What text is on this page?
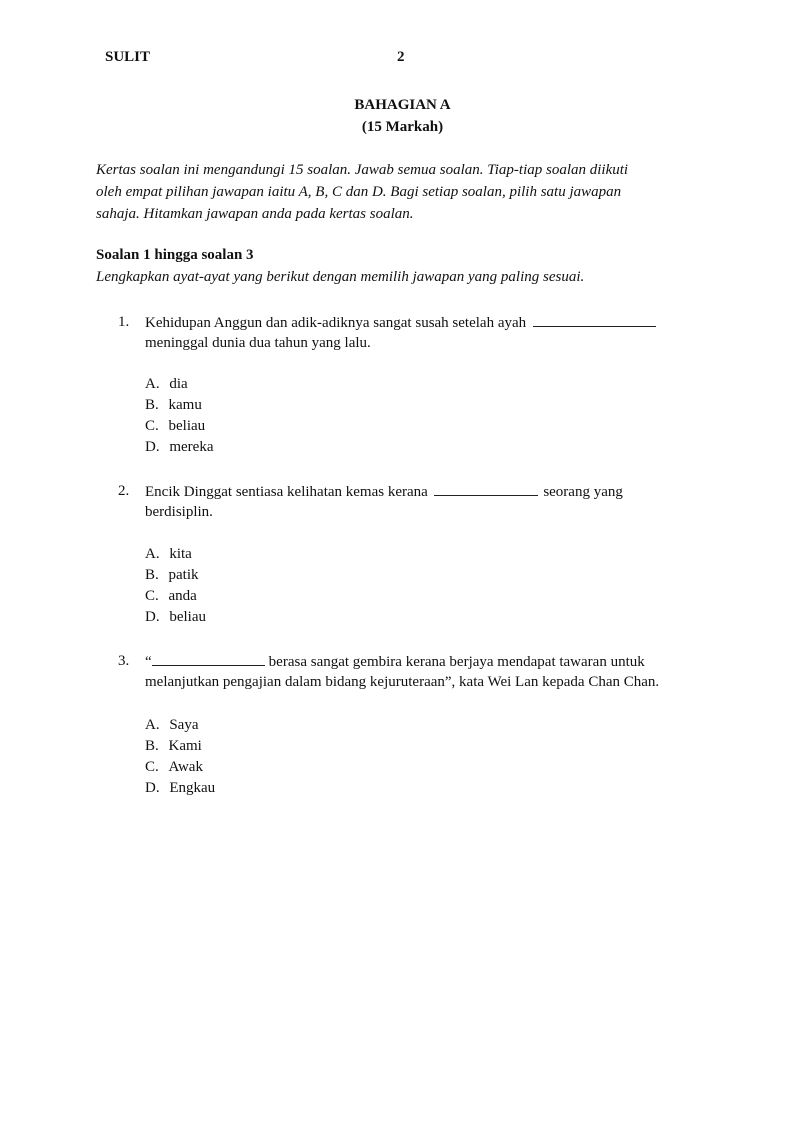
SULIT	2
BAHAGIAN A
(15 Markah)
Kertas soalan ini mengandungi 15 soalan. Jawab semua soalan. Tiap-tiap soalan diikuti
oleh empat pilihan jawapan iaitu A, B, C dan D. Bagi setiap soalan, pilih satu jawapan
sahaja. Hitamkan jawapan anda pada kertas soalan.
Soalan 1 hingga soalan 3
Lengkapkan ayat-ayat yang berikut dengan memilih jawapan yang paling sesuai.
1. Kehidupan Anggun dan adik-adiknya sangat susah setelah ayah
meninggal dunia dua tahun yang lalu.
A. dia
B. kamu
C. beliau
D. mereka
2. Encik Dinggat sentiasa kelihatan kemas kerana	seorang yang
berdisiplin.
A. kita
B. patik
C. anda
D. beliau
3. “	berasa sangat gembira kerana berjaya mendapat tawaran untuk
melanjutkan pengajian dalam bidang kejuruteraan”, kata Wei Lan kepada Chan Chan.
A. Saya
B. Kami
C. Awak
D. Engkau
